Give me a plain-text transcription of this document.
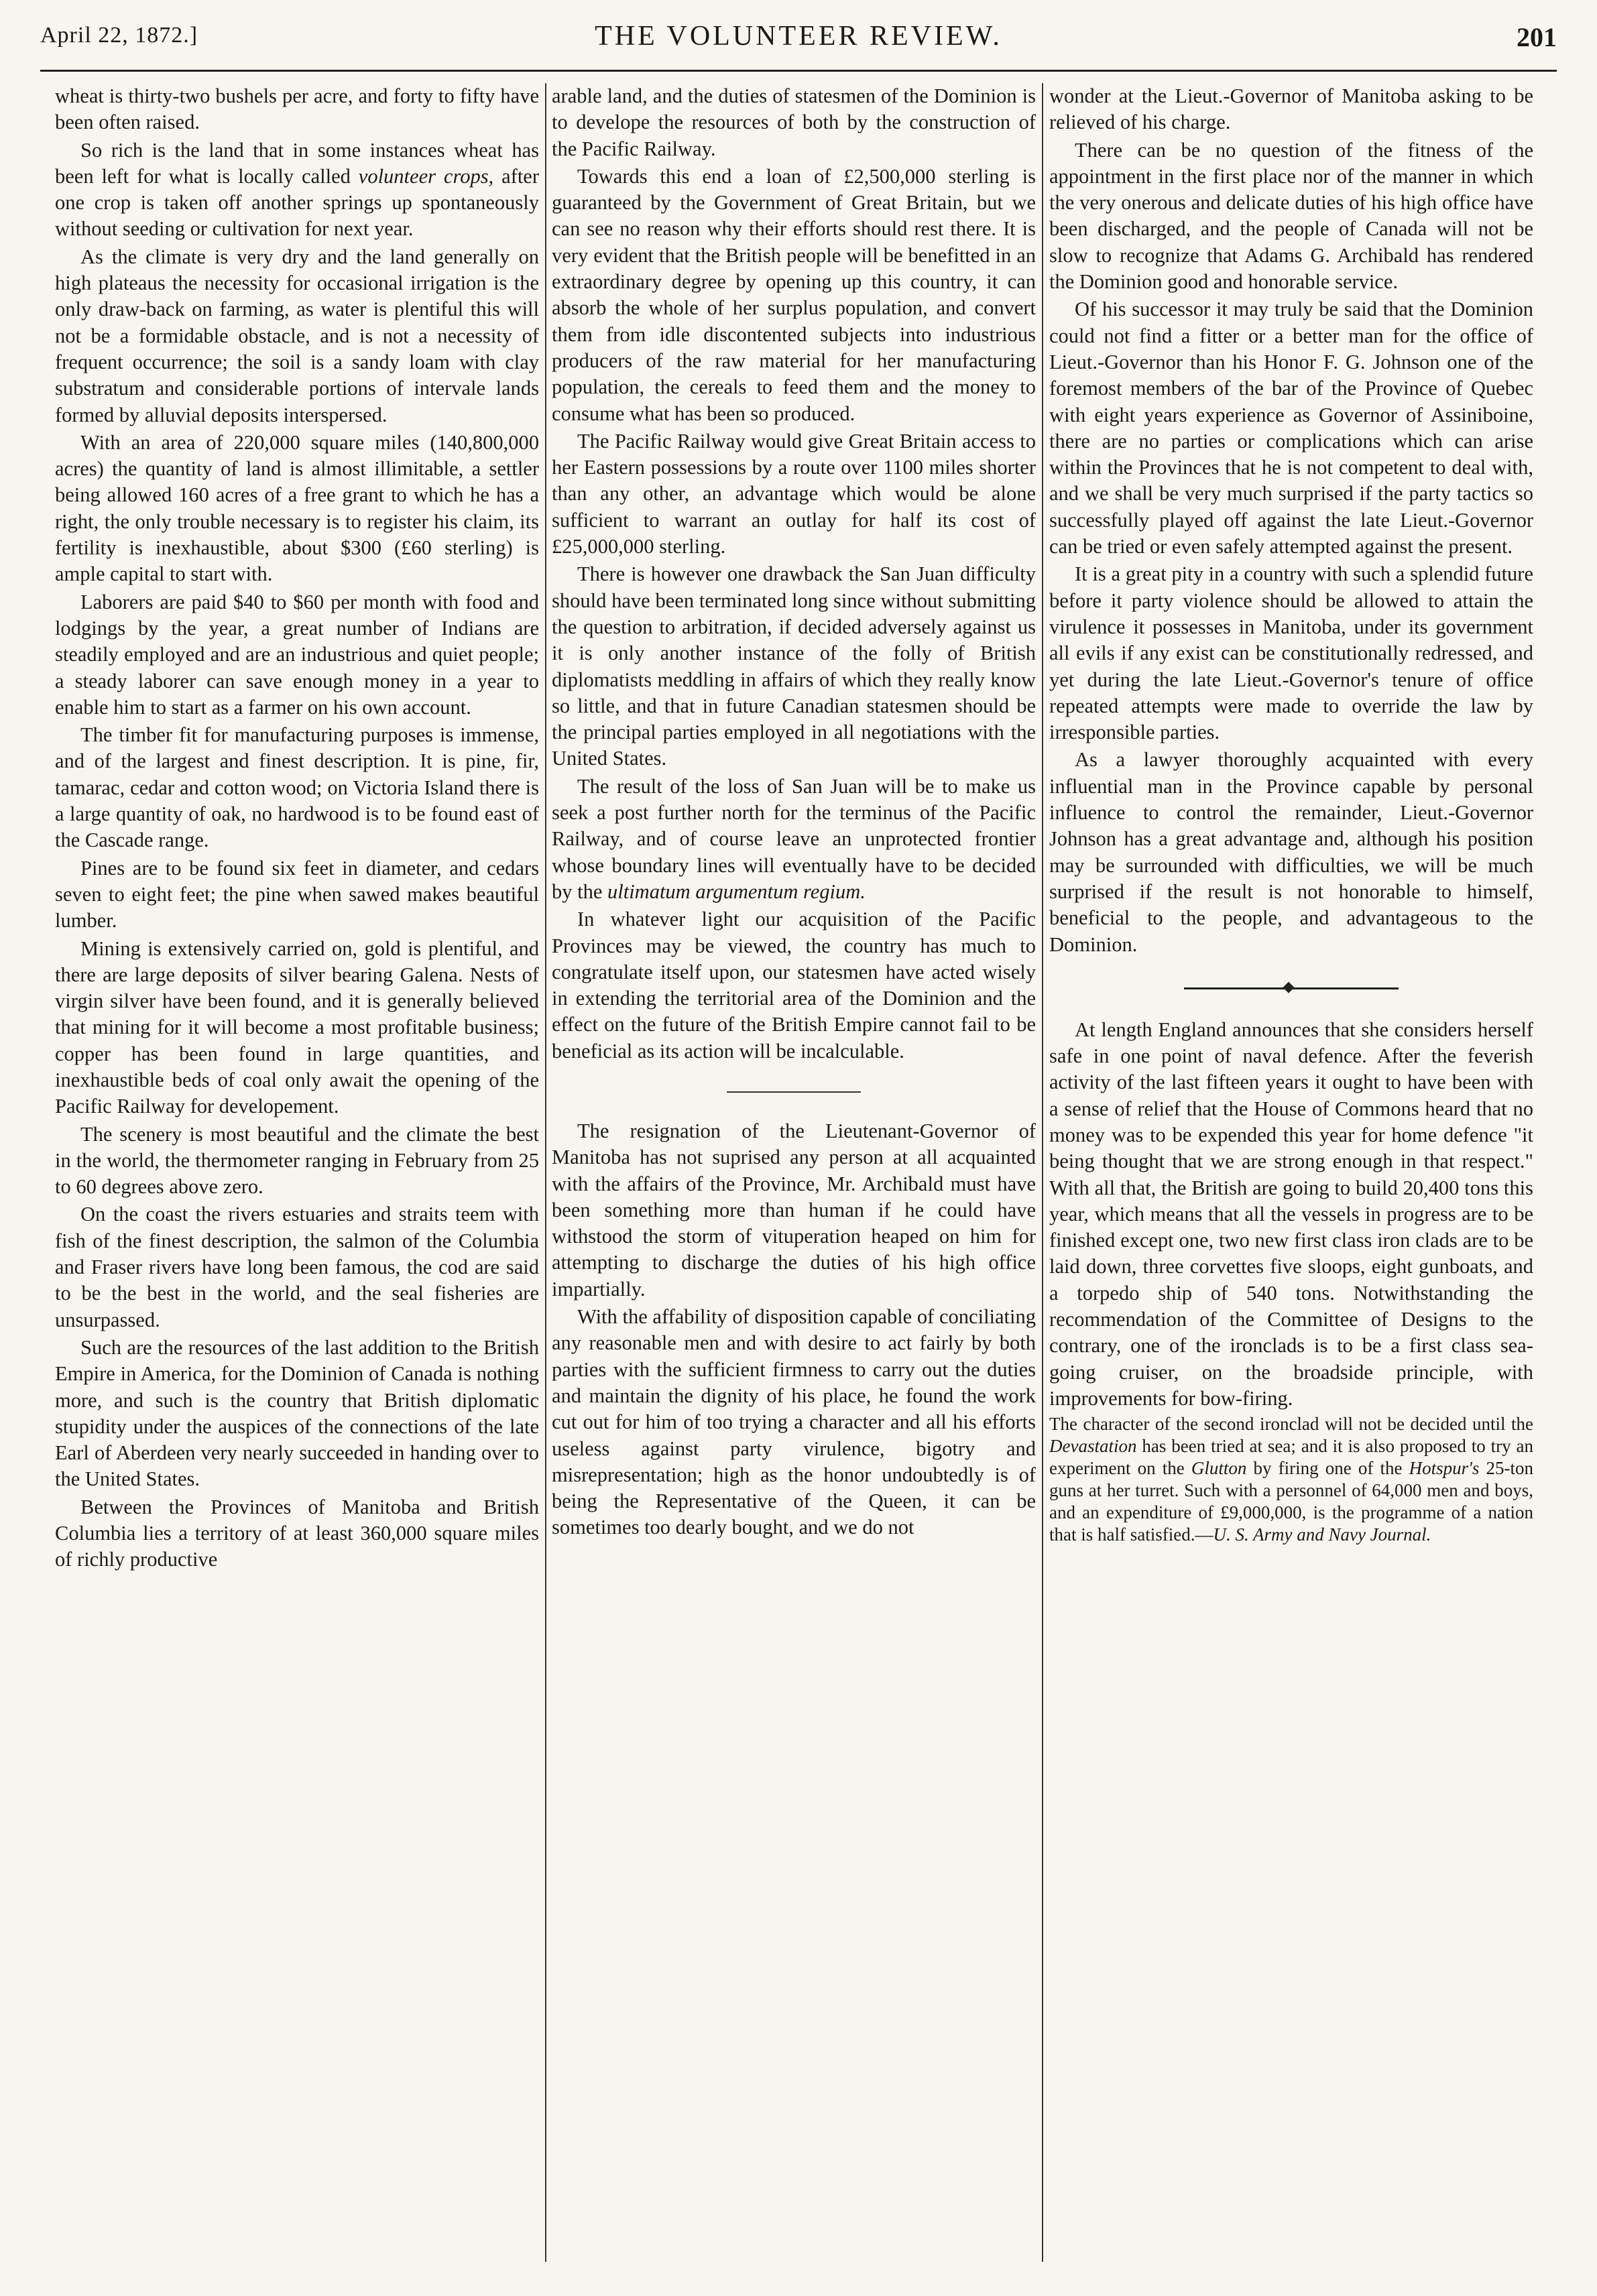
April 22, 1872.]	THE VOLUNTEER REVIEW.	201

wheat is thirty-two bushels per acre, and forty to fifty have been often raised.

So rich is the land that in some instances wheat has been left for what is locally called volunteer crops, after one crop is taken off another springs up spontaneously without seeding or cultivation for next year.

As the climate is very dry and the land generally on high plateaus the necessity for occasional irrigation is the only draw-back on farming, as water is plentiful this will not be a formidable obstacle, and is not a necessity of frequent occurrence; the soil is a sandy loam with clay substratum and considerable portions of intervale lands formed by alluvial deposits interspersed.

With an area of 220,000 square miles (140,800,000 acres) the quantity of land is almost illimitable, a settler being allowed 160 acres of a free grant to which he has a right, the only trouble necessary is to register his claim, its fertility is inexhaustible, about $300 (£60 sterling) is ample capital to start with.

Laborers are paid $40 to $60 per month with food and lodgings by the year, a great number of Indians are steadily employed and are an industrious and quiet people; a steady laborer can save enough money in a year to enable him to start as a farmer on his own account.

The timber fit for manufacturing purposes is immense, and of the largest and finest description. It is pine, fir, tamarac, cedar and cotton wood; on Victoria Island there is a large quantity of oak, no hardwood is to be found east of the Cascade range.

Pines are to be found six feet in diameter, and cedars seven to eight feet; the pine when sawed makes beautiful lumber.

Mining is extensively carried on, gold is plentiful, and there are large deposits of silver bearing Galena. Nests of virgin silver have been found, and it is generally believed that mining for it will become a most profitable business; copper has been found in large quantities, and inexhaustible beds of coal only await the opening of the Pacific Railway for developement.

The scenery is most beautiful and the climate the best in the world, the thermometer ranging in February from 25 to 60 degrees above zero.

On the coast the rivers estuaries and straits teem with fish of the finest description, the salmon of the Columbia and Fraser rivers have long been famous, the cod are said to be the best in the world, and the seal fisheries are unsurpassed.

Such are the resources of the last addition to the British Empire in America, for the Dominion of Canada is nothing more, and such is the country that British diplomatic stupidity under the auspices of the connections of the late Earl of Aberdeen very nearly succeeded in handing over to the United States.

Between the Provinces of Manitoba and British Columbia lies a territory of at least 360,000 square miles of richly productive

arable land, and the duties of statesmen of the Dominion is to develope the resources of both by the construction of the Pacific Railway.

Towards this end a loan of £2,500,000 sterling is guaranteed by the Government of Great Britain, but we can see no reason why their efforts should rest there. It is very evident that the British people will be benefitted in an extraordinary degree by opening up this country, it can absorb the whole of her surplus population, and convert them from idle discontented subjects into industrious producers of the raw material for her manufacturing population, the cereals to feed them and the money to consume what has been so produced.

The Pacific Railway would give Great Britain access to her Eastern possessions by a route over 1100 miles shorter than any other, an advantage which would be alone sufficient to warrant an outlay for half its cost of £25,000,000 sterling.

There is however one drawback the San Juan difficulty should have been terminated long since without submitting the question to arbitration, if decided adversely against us it is only another instance of the folly of British diplomatists meddling in affairs of which they really know so little, and that in future Canadian statesmen should be the principal parties employed in all negotiations with the United States.

The result of the loss of San Juan will be to make us seek a post further north for the terminus of the Pacific Railway, and of course leave an unprotected frontier whose boundary lines will eventually have to be decided by the ultimatum argumentum regium.

In whatever light our acquisition of the Pacific Provinces may be viewed, the country has much to congratulate itself upon, our statesmen have acted wisely in extending the territorial area of the Dominion and the effect on the future of the British Empire cannot fail to be beneficial as its action will be incalculable.

The resignation of the Lieutenant-Governor of Manitoba has not suprised any person at all acquainted with the affairs of the Province, Mr. Archibald must have been something more than human if he could have withstood the storm of vituperation heaped on him for attempting to discharge the duties of his high office impartially.

With the affability of disposition capable of conciliating any reasonable men and with desire to act fairly by both parties with the sufficient firmness to carry out the duties and maintain the dignity of his place, he found the work cut out for him of too trying a character and all his efforts useless against party virulence, bigotry and misrepresentation; high as the honor undoubtedly is of being the Representative of the Queen, it can be sometimes too dearly bought, and we do not

wonder at the Lieut.-Governor of Manitoba asking to be relieved of his charge.

There can be no question of the fitness of the appointment in the first place nor of the manner in which the very onerous and delicate duties of his high office have been discharged, and the people of Canada will not be slow to recognize that Adams G. Archibald has rendered the Dominion good and honorable service.

Of his successor it may truly be said that the Dominion could not find a fitter or a better man for the office of Lieut.-Governor than his Honor F. G. Johnson one of the foremost members of the bar of the Province of Quebec with eight years experience as Governor of Assiniboine, there are no parties or complications which can arise within the Provinces that he is not competent to deal with, and we shall be very much surprised if the party tactics so successfully played off against the late Lieut.-Governor can be tried or even safely attempted against the present.

It is a great pity in a country with such a splendid future before it party violence should be allowed to attain the virulence it possesses in Manitoba, under its government all evils if any exist can be constitutionally redressed, and yet during the late Lieut.-Governor's tenure of office repeated attempts were made to override the law by irresponsible parties.

As a lawyer thoroughly acquainted with every influential man in the Province capable by personal influence to control the remainder, Lieut.-Governor Johnson has a great advantage and, although his position may be surrounded with difficulties, we will be much surprised if the result is not honorable to himself, beneficial to the people, and advantageous to the Dominion.

At length England announces that she considers herself safe in one point of naval defence. After the feverish activity of the last fifteen years it ought to have been with a sense of relief that the House of Commons heard that no money was to be expended this year for home defence "it being thought that we are strong enough in that respect." With all that, the British are going to build 20,400 tons this year, which means that all the vessels in progress are to be finished except one, two new first class iron clads are to be laid down, three corvettes five sloops, eight gunboats, and a torpedo ship of 540 tons. Notwithstanding the recommendation of the Committee of Designs to the contrary, one of the ironclads is to be a first class sea-going cruiser, on the broadside principle, with improvements for bow-firing.

The character of the second ironclad will not be decided until the Devastation has been tried at sea; and it is also proposed to try an experiment on the Glutton by firing one of the Hotspur's 25-ton guns at her turret. Such with a personnel of 64,000 men and boys, and an expenditure of £9,000,000, is the programme of a nation that is half satisfied.—U. S. Army and Navy Journal.
